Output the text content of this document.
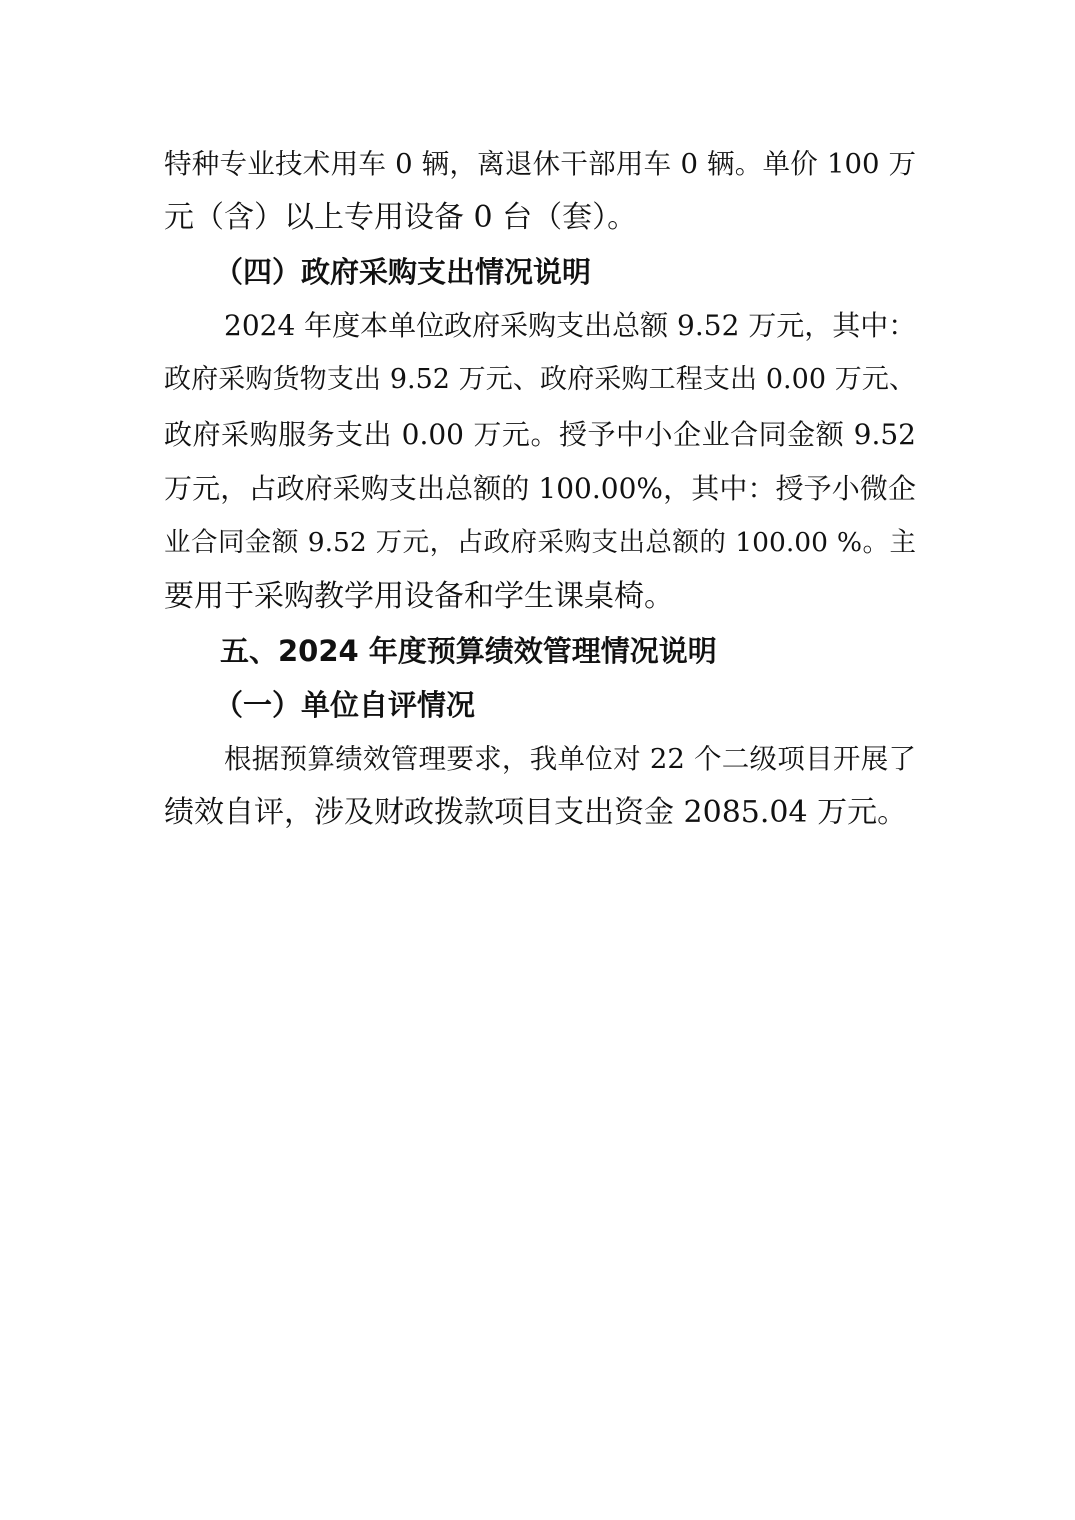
特种专业技术用车 0 辆，离退休干部用车 0 辆。单价 100 万
元（含）以上专用设备 0 台（套）。
（四）政府采购支出情况说明
2024 年度本单位政府采购支出总额 9.52 万元，其中：
政府采购货物支出 9.52 万元、政府采购工程支出 0.00 万元、
政府采购服务支出 0.00 万元。授予中小企业合同金额 9.52
万元，占政府采购支出总额的 100.00%，其中：授予小微企
业合同金额 9.52 万元，占政府采购支出总额的 100.00 %。主
要用于采购教学用设备和学生课桌椅。
五、2024 年度预算绩效管理情况说明
（一）单位自评情况
根据预算绩效管理要求，我单位对 22 个二级项目开展了
绩效自评，涉及财政拨款项目支出资金 2085.04 万元。
